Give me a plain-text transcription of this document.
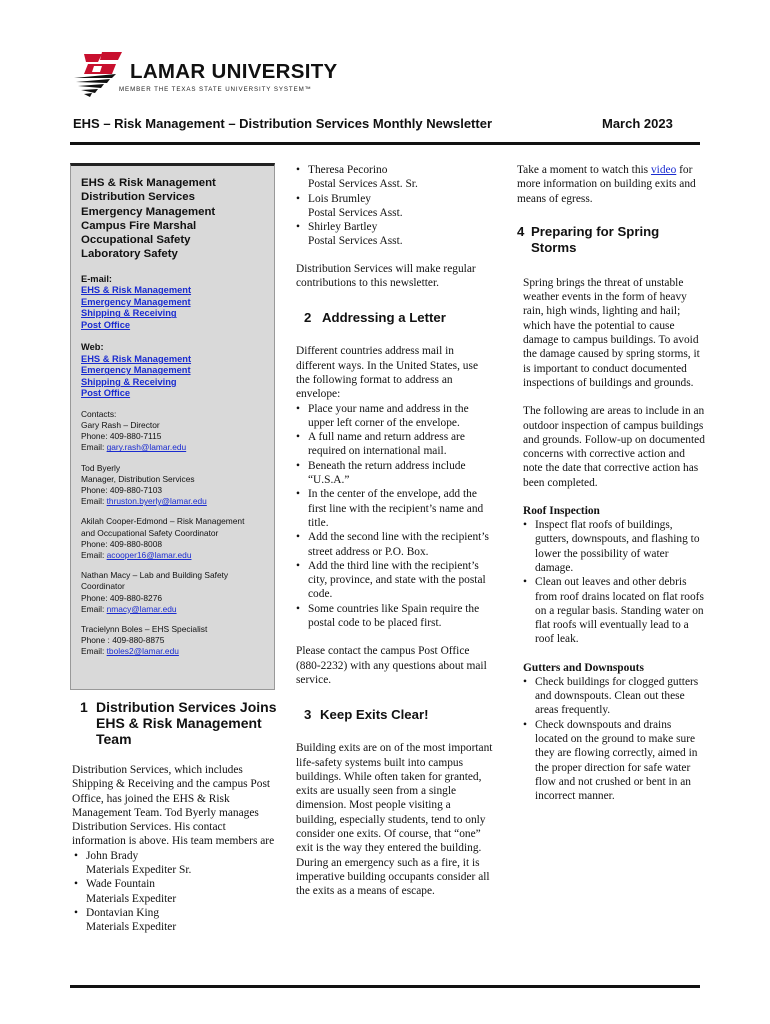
LAMAR UNIVERSITY
MEMBER THE TEXAS STATE UNIVERSITY SYSTEM™
EHS – Risk Management – Distribution Services Monthly Newsletter	March 2023
EHS & Risk Management
Distribution Services
Emergency Management
Campus Fire Marshal
Occupational Safety
Laboratory Safety
E-mail:
EHS & Risk Management
Emergency Management
Shipping & Receiving
Post Office
Web:
EHS & Risk Management
Emergency Management
Shipping & Receiving
Post Office
Contacts:
Gary Rash – Director
Phone: 409-880-7115
Email: gary.rash@lamar.edu
Tod Byerly
Manager, Distribution Services
Phone: 409-880-7103
Email: thruston.byerly@lamar.edu
Akilah Cooper-Edmond – Risk Management
and Occupational Safety Coordinator
Phone: 409-880-8008
Email: acooper16@lamar.edu
Nathan Macy – Lab and Building Safety
Coordinator
Phone: 409-880-8276
Email: nmacy@lamar.edu
Tracielynn Boles – EHS Specialist
Phone : 409-880-8875
Email: tboles2@lamar.edu
1 Distribution Services Joins EHS & Risk Management Team

Distribution Services, which includes Shipping & Receiving and the campus Post Office, has joined the EHS & Risk Management Team. Tod Byerly manages Distribution Services. His contact information is above. His team members are

• John Brady
Materials Expediter Sr.
• Wade Fountain
Materials Expediter
• Dontavian King
Materials Expediter
• Theresa Pecorino
Postal Services Asst. Sr.
• Lois Brumley
Postal Services Asst.
• Shirley Bartley
Postal Services Asst.

Distribution Services will make regular contributions to this newsletter.

2 Addressing a Letter

Different countries address mail in different ways. In the United States, use the following format to address an envelope:

• Place your name and address in the upper left corner of the envelope.
• A full name and return address are required on international mail.
• Beneath the return address include “U.S.A.”
• In the center of the envelope, add the first line with the recipient’s name and title.
• Add the second line with the recipient’s street address or P.O. Box.
• Add the third line with the recipient’s city, province, and state with the postal code.
• Some countries like Spain require the postal code to be placed first.

Please contact the campus Post Office (880-2232) with any questions about mail service.

3 Keep Exits Clear!

Building exits are on of the most important life-safety systems built into campus buildings. While often taken for granted, exits are usually seen from a single dimension. Most people visiting a building, especially students, tend to only consider one exits. Of course, that “one” exit is the way they entered the building. During an emergency such as a fire, it is imperative building occupants consider all the exits as a means of escape.

Take a moment to watch this video for more information on building exits and means of egress.

4 Preparing for Spring Storms

Spring brings the threat of unstable weather events in the form of heavy rain, high winds, lighting and hail; which have the potential to cause damage to campus buildings. To avoid the damage caused by spring storms, it is important to conduct documented inspections of buildings and grounds.

The following are areas to include in an outdoor inspection of campus buildings and grounds. Follow-up on documented concerns with corrective action and note the date that corrective action has been completed.

Roof Inspection
• Inspect flat roofs of buildings, gutters, downspouts, and flashing to lower the possibility of water damage.
• Clean out leaves and other debris from roof drains located on flat roofs on a regular basis. Standing water on flat roofs will eventually lead to a roof leak.
Gutters and Downspouts
• Check buildings for clogged gutters and downspouts. Clean out these areas frequently.
• Check downspouts and drains located on the ground to make sure they are flowing correctly, aimed in the proper direction for safe water flow and not crushed or bent in an incorrect manner.
